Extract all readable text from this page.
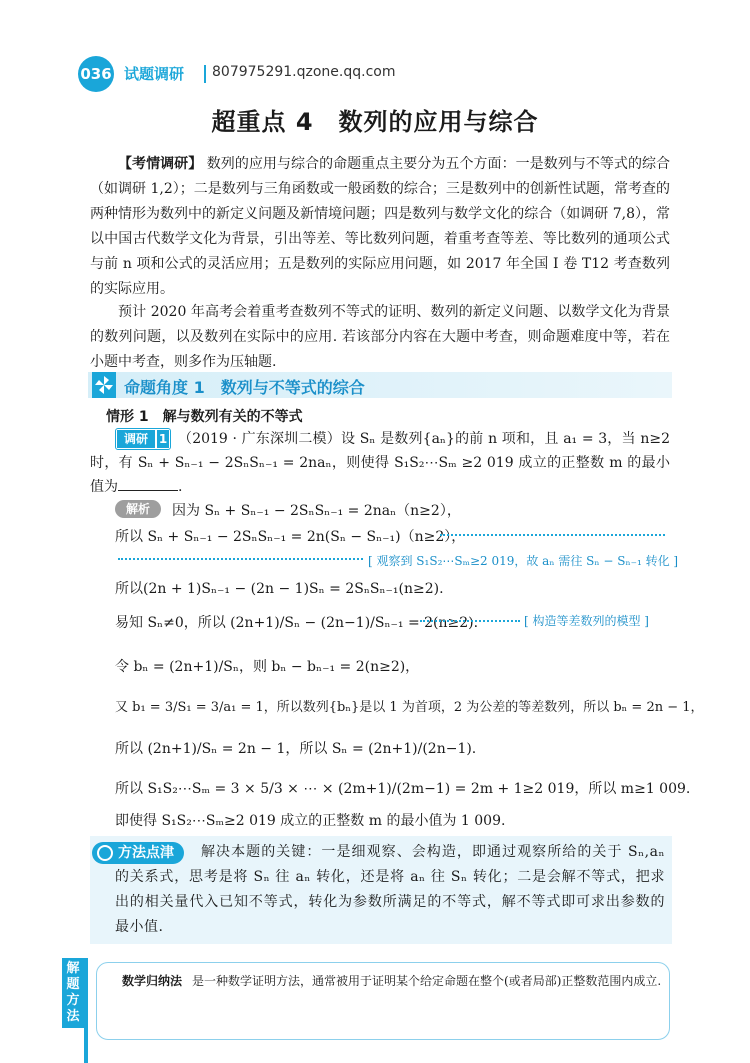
036 试题调研 807975291.qzone.qq.com
超重点 4　数列的应用与综合
【考情调研】 数列的应用与综合的命题重点主要分为五个方面：一是数列与不等式的综合（如调研 1,2）；二是数列与三角函数或一般函数的综合；三是数列中的创新性试题，常考查的两种情形为数列中的新定义问题及新情境问题；四是数列与数学文化的综合（如调研 7,8），常以中国古代数学文化为背景，引出等差、等比数列问题，着重考查等差、等比数列的通项公式与前 n 项和公式的灵活应用；五是数列的实际应用问题，如 2017 年全国 Ⅰ 卷 T12 考查数列的实际应用。
预计 2020 年高考会着重考查数列不等式的证明、数列的新定义问题、以数学文化为背景的数列问题，以及数列在实际中的应用. 若该部分内容在大题中考查，则命题难度中等，若在小题中考查，则多作为压轴题.
命题角度 1　数列与不等式的综合
情形 1　解与数列有关的不等式
（2019 · 广东深圳二模）设 Sₙ 是数列{aₙ}的前 n 项和，且 a₁ = 3，当 n≥2 时，有 Sₙ + Sₙ₋₁ − 2SₙSₙ₋₁ = 2naₙ，则使得 S₁S₂⋯Sₘ ≥2 019 成立的正整数 m 的最小值为	.
调研 1
解析	因为 Sₙ + Sₙ₋₁ − 2SₙSₙ₋₁ = 2naₙ（n≥2），
所以 Sₙ + Sₙ₋₁ − 2SₙSₙ₋₁ = 2n(Sₙ − Sₙ₋₁)（n≥2），
[ 观察到 S₁S₂⋯Sₘ≥2 019，故 aₙ 需往 Sₙ − Sₙ₋₁ 转化 ]
所以(2n + 1)Sₙ₋₁ − (2n − 1)Sₙ = 2SₙSₙ₋₁(n≥2).
易知 Sₙ≠0，所以 (2n+1)/Sₙ − (2n−1)/Sₙ₋₁ = 2(n≥2).	[ 构造等差数列的模型 ]
令 bₙ = (2n+1)/Sₙ，则 bₙ − bₙ₋₁ = 2(n≥2)，
又 b₁ = 3/S₁ = 3/a₁ = 1，所以数列{bₙ}是以 1 为首项，2 为公差的等差数列，所以 bₙ = 2n − 1，
所以 (2n+1)/Sₙ = 2n − 1，所以 Sₙ = (2n+1)/(2n−1).
所以 S₁S₂⋯Sₘ = 3 × 5/3 × ⋯ × (2m+1)/(2m−1) = 2m + 1≥2 019，所以 m≥1 009.
即使得 S₁S₂⋯Sₘ≥2 019 成立的正整数 m 的最小值为 1 009.
解决本题的关键：一是细观察、会构造，即通过观察所给的关于 Sₙ,aₙ 的关系式，思考是将 Sₙ 往 aₙ 转化，还是将 aₙ 往 Sₙ 转化；二是会解不等式，把求出的相关量代入已知不等式，转化为参数所满足的不等式，解不等式即可求出参数的最小值.
方法点津
解题方法
数学归纳法 是一种数学证明方法，通常被用于证明某个给定命题在整个(或者局部)正整数范围内成立.
